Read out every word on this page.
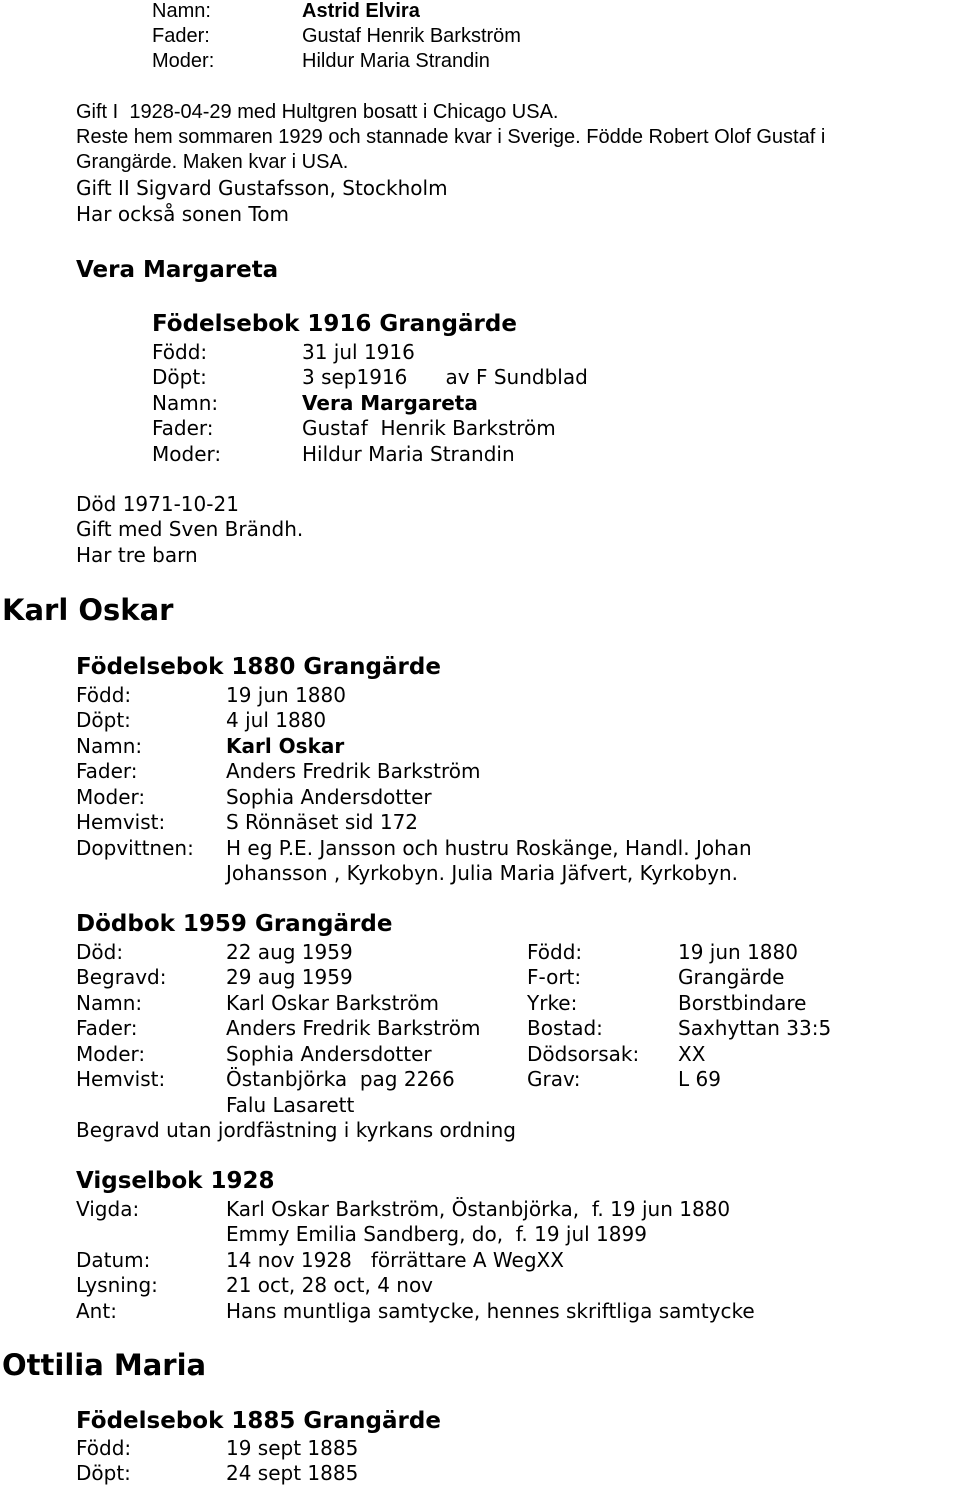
Namn:	Astrid Elvira
Fader:	Gustaf Henrik Barkström
Moder:	Hildur Maria Strandin
Gift I  1928-04-29 med Hultgren bosatt i Chicago USA.
Reste hem sommaren 1929 och stannade kvar i Sverige. Födde Robert Olof Gustaf i
Grangärde. Maken kvar i USA.
Gift II Sigvard Gustafsson, Stockholm
Har också sonen Tom
Vera Margareta
Födelsebok 1916 Grangärde
Född:	31 jul 1916
Döpt:	3 sep1916      av F Sundblad
Namn:	Vera Margareta
Fader:	Gustaf  Henrik Barkström
Moder:	Hildur Maria Strandin
Död 1971-10-21
Gift med Sven Brändh.
Har tre barn
Karl Oskar
Födelsebok 1880 Grangärde
Född:	19 jun 1880
Döpt:	4 jul 1880
Namn:	Karl Oskar
Fader:	Anders Fredrik Barkström
Moder:	Sophia Andersdotter
Hemvist:	S Rönnäset sid 172
Dopvittnen: H eg P.E. Jansson och hustru Roskänge, Handl. Johan
Johansson , Kyrkobyn. Julia Maria Jäfvert, Kyrkobyn.
Dödbok 1959 Grangärde
Död:	22 aug 1959	Född:	19 jun 1880
Begravd:	29 aug 1959	F-ort:	Grangärde
Namn:	Karl Oskar Barkström	Yrke:	Borstbindare
Fader:	Anders Fredrik Barkström Bostad:	Saxhyttan 33:5
Moder:	Sophia Andersdotter	Dödsorsak: XX
Hemvist:	Östanbjörka  pag 2266	Grav:	L 69
Falu Lasarett
Begravd utan jordfästning i kyrkans ordning
Vigselbok 1928
Vigda:	Karl Oskar Barkström, Östanbjörka,  f. 19 jun 1880
Emmy Emilia Sandberg, do,  f. 19 jul 1899
Datum:	14 nov 1928   förrättare A WegXX
Lysning:	21 oct, 28 oct, 4 nov
Ant:	Hans muntliga samtycke, hennes skriftliga samtycke
Ottilia Maria
Födelsebok 1885 Grangärde
Född:	19 sept 1885
Döpt:	24 sept 1885
